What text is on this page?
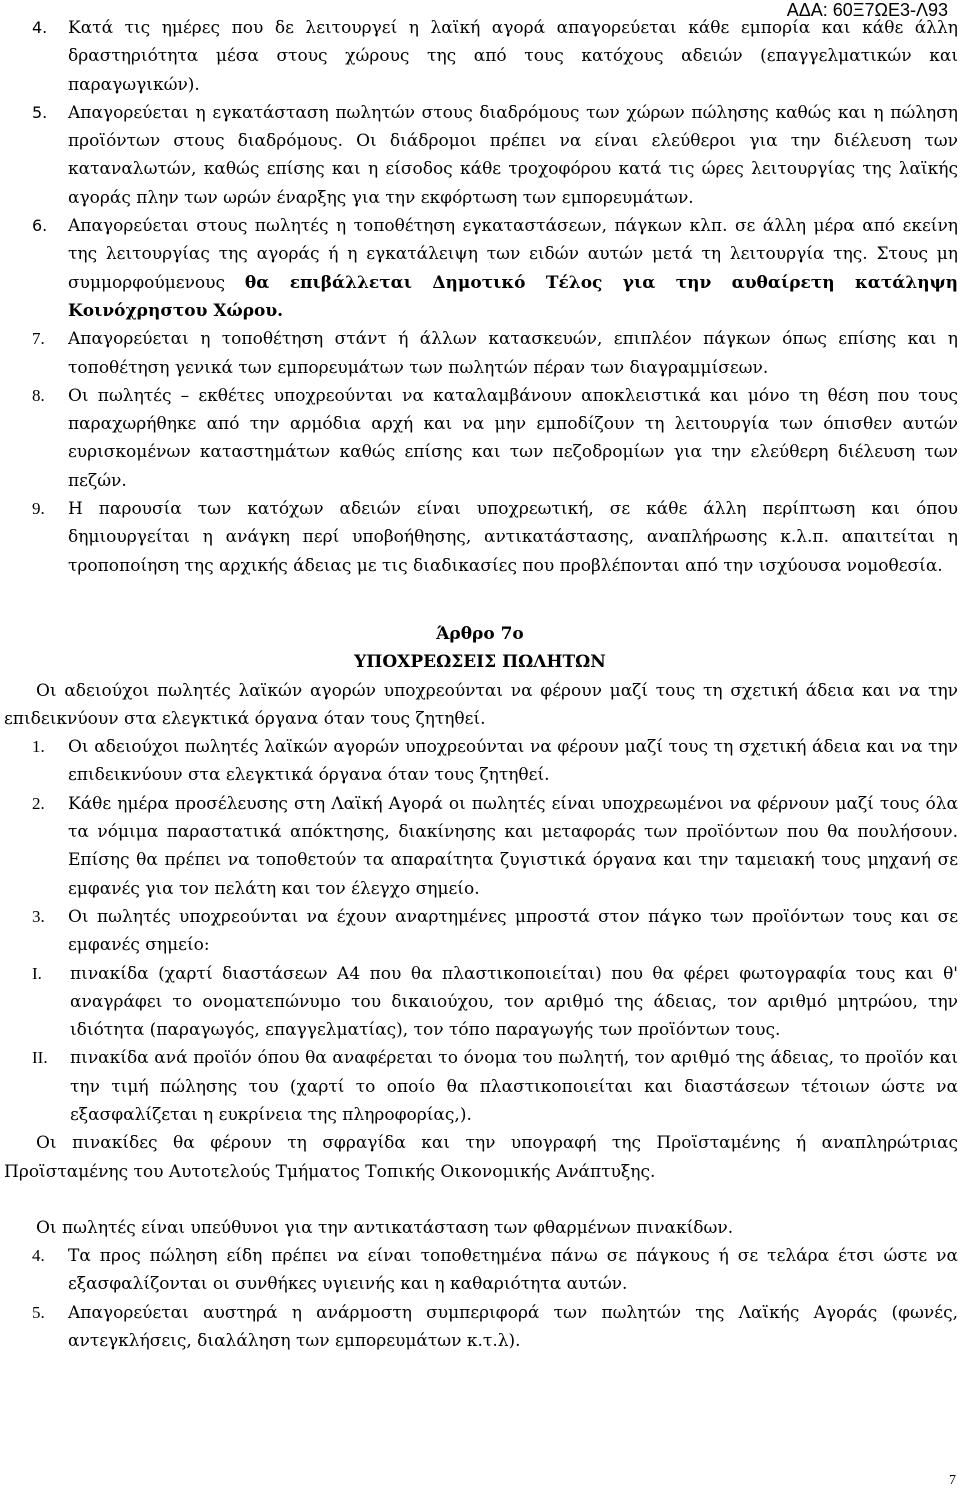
ΑΔΑ: 60Ξ7ΩΕ3-Λ93
4.	Κατά τις ημέρες που δε λειτουργεί η λαϊκή αγορά απαγορεύεται κάθε εμπορία και κάθε άλλη δραστηριότητα μέσα στους χώρους της από τους κατόχους αδειών (επαγγελματικών και παραγωγικών).
5.	Απαγορεύεται η εγκατάσταση πωλητών στους διαδρόμους των χώρων πώλησης καθώς και η πώληση προϊόντων στους διαδρόμους. Οι διάδρομοι πρέπει να είναι ελεύθεροι για την διέλευση των καταναλωτών, καθώς επίσης και η είσοδος κάθε τροχοφόρου κατά τις ώρες λειτουργίας της λαϊκής αγοράς πλην των ωρών έναρξης για την εκφόρτωση των εμπορευμάτων.
6.	Απαγορεύεται στους πωλητές η τοποθέτηση εγκαταστάσεων, πάγκων κλπ. σε άλλη μέρα από εκείνη της λειτουργίας της αγοράς ή η εγκατάλειψη των ειδών αυτών μετά τη λειτουργία της. Στους μη συμμορφούμενους θα επιβάλλεται Δημοτικό Τέλος για την αυθαίρετη κατάληψη Κοινόχρηστου Χώρου.
7.	Απαγορεύεται η τοποθέτηση στάντ ή άλλων κατασκευών, επιπλέον πάγκων όπως επίσης και η τοποθέτηση γενικά των εμπορευμάτων των πωλητών πέραν των διαγραμμίσεων.
8.	Οι πωλητές – εκθέτες υποχρεούνται να καταλαμβάνουν αποκλειστικά και μόνο τη θέση που τους παραχωρήθηκε από την αρμόδια αρχή και να μην εμποδίζουν τη λειτουργία των όπισθεν αυτών ευρισκομένων καταστημάτων καθώς επίσης και των πεζοδρομίων για την ελεύθερη διέλευση των πεζών.
9.	Η παρουσία των κατόχων αδειών είναι υποχρεωτική, σε κάθε άλλη περίπτωση και όπου δημιουργείται η ανάγκη περί υποβοήθησης, αντικατάστασης, αναπλήρωσης κ.λ.π. απαιτείται η τροποποίηση της αρχικής άδειας με τις διαδικασίες που προβλέπονται από την ισχύουσα νομοθεσία.
Άρθρο 7ο
ΥΠΟΧΡΕΩΣΕΙΣ ΠΩΛΗΤΩΝ
Οι αδειούχοι πωλητές λαϊκών αγορών υποχρεούνται να φέρουν μαζί τους τη σχετική άδεια και να την επιδεικνύουν στα ελεγκτικά όργανα όταν τους ζητηθεί.
1.	Οι αδειούχοι πωλητές λαϊκών αγορών υποχρεούνται να φέρουν μαζί τους τη σχετική άδεια και να την επιδεικνύουν στα ελεγκτικά όργανα όταν τους ζητηθεί.
2.	Κάθε ημέρα προσέλευσης στη Λαϊκή Αγορά οι πωλητές είναι υποχρεωμένοι να φέρνουν μαζί τους όλα τα νόμιμα παραστατικά απόκτησης, διακίνησης και μεταφοράς των προϊόντων που θα πουλήσουν. Επίσης θα πρέπει να τοποθετούν τα απαραίτητα ζυγιστικά όργανα και την ταμειακή τους μηχανή σε εμφανές για τον πελάτη και τον έλεγχο σημείο.
3.	Οι πωλητές υποχρεούνται να έχουν αναρτημένες μπροστά στον πάγκο των προϊόντων τους και σε εμφανές σημείο:
I.	πινακίδα (χαρτί διαστάσεων Α4 που θα πλαστικοποιείται) που θα φέρει φωτογραφία τους και θ' αναγράφει το ονοματεπώνυμο του δικαιούχου, τον αριθμό της άδειας, τον αριθμό μητρώου, την ιδιότητα (παραγωγός, επαγγελματίας), τον τόπο παραγωγής των προϊόντων τους.
II.	πινακίδα ανά προϊόν όπου θα αναφέρεται το όνομα του πωλητή, τον αριθμό της άδειας, το προϊόν και την τιμή πώλησης του (χαρτί το οποίο θα πλαστικοποιείται και διαστάσεων τέτοιων ώστε να εξασφαλίζεται η ευκρίνεια της πληροφορίας,).
Οι πινακίδες θα φέρουν τη σφραγίδα και την υπογραφή της Προϊσταμένης ή αναπληρώτριας Προϊσταμένης του Αυτοτελούς Τμήματος Τοπικής Οικονομικής Ανάπτυξης.
Οι πωλητές είναι υπεύθυνοι για την αντικατάσταση των φθαρμένων πινακίδων.
4.	Τα προς πώληση είδη πρέπει να είναι τοποθετημένα πάνω σε πάγκους ή σε τελάρα έτσι ώστε να εξασφαλίζονται οι συνθήκες υγιεινής και η καθαριότητα αυτών.
5.	Απαγορεύεται αυστηρά η ανάρμοστη συμπεριφορά των πωλητών της Λαϊκής Αγοράς (φωνές, αντεγκλήσεις, διαλάληση των εμπορευμάτων κ.τ.λ).
7
